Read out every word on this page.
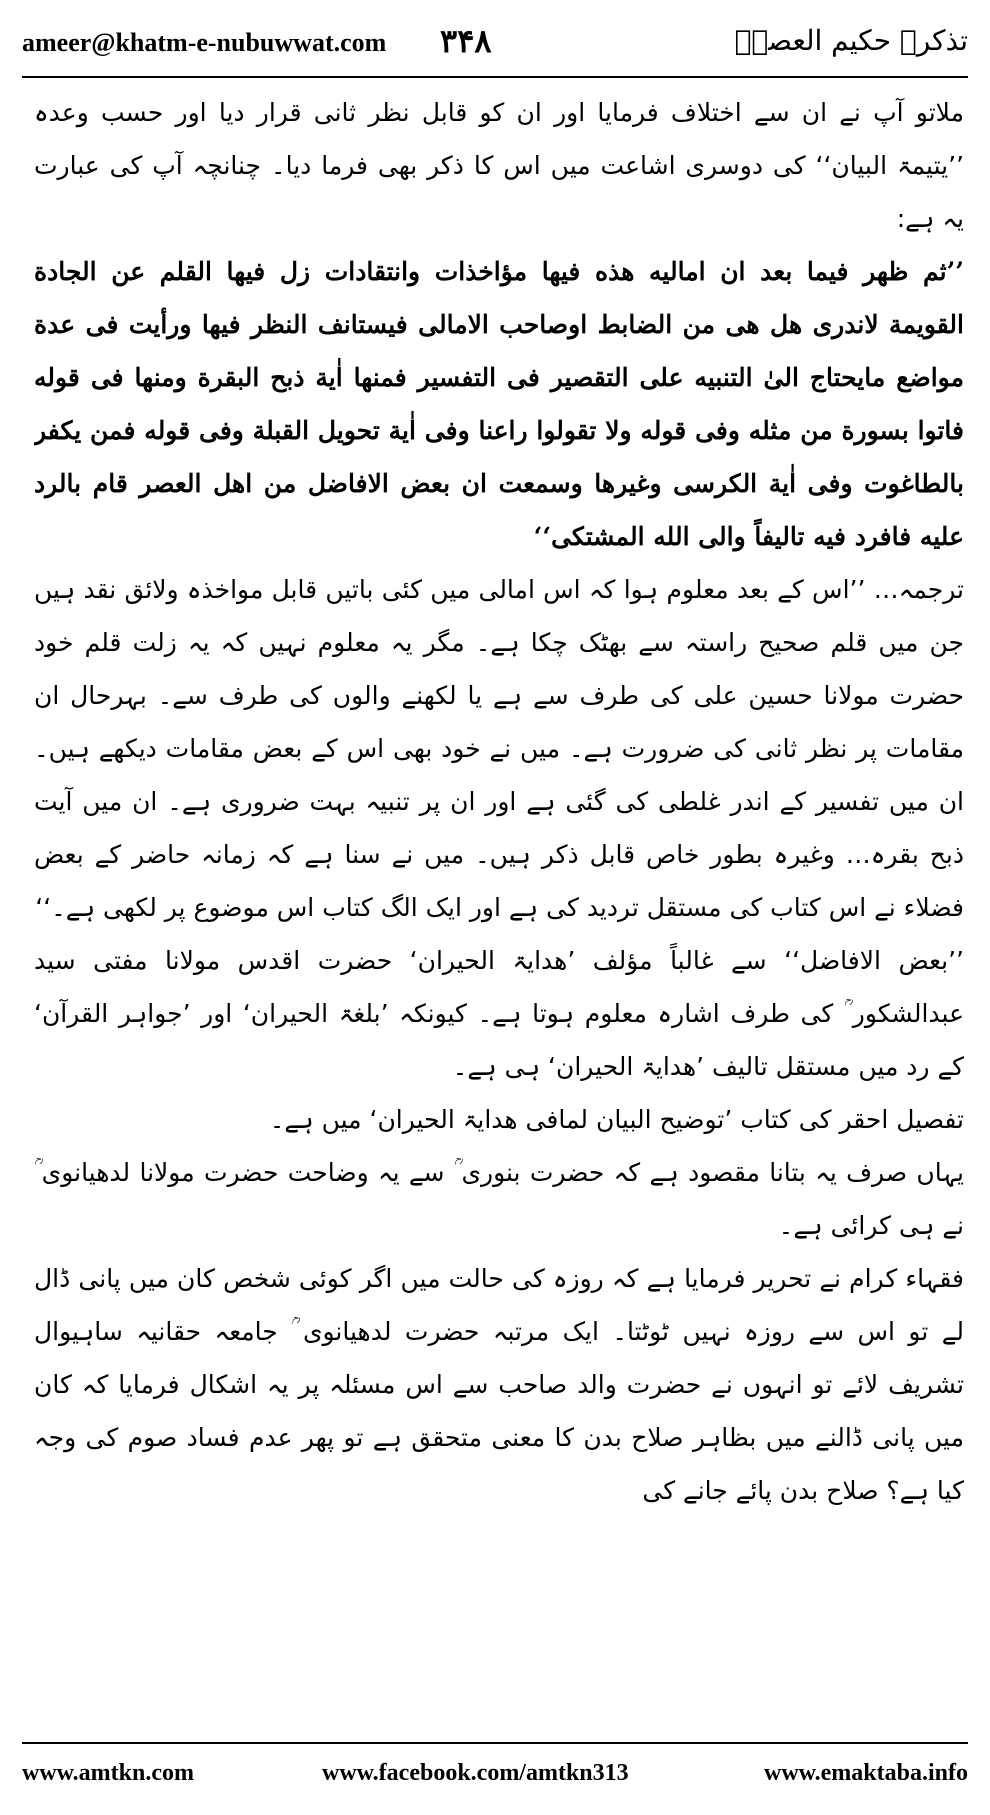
ameer@khatm-e-nubuwwat.com ۳۴۸	تذکرہ حکیم العصرؒ

ملاتو آپ نے ان سے اختلاف فرمایا اور ان کو قابل نظر ثانی قرار دیا اور حسب وعدہ ’’یتیمۃ البیان‘‘ کی دوسری اشاعت میں اس کا ذکر بھی فرما دیا۔ چنانچہ آپ کی عبارت یہ ہے:

’’ثم ظهر فيما بعد ان اماليه هذه فيها مؤاخذات وانتقادات زل فيها القلم عن الجادة القويمة لاندرى هل هى من الضابط اوصاحب الامالى فيستانف النظر فيها ورأيت فى عدة مواضع مايحتاج الىٰ التنبيه على التقصير فى التفسير فمنها اٰية ذبح البقرة ومنها فى قوله فاتوا بسورة من مثله وفى قوله ولا تقولوا راعنا وفى اٰية تحويل القبلة وفى قوله فمن يكفر بالطاغوت وفى اٰية الكرسى وغيرها وسمعت ان بعض الافاضل من اهل العصر قام بالرد عليه فافرد فيه تاليفاً والى الله المشتكى‘‘

ترجمہ… ’’اس کے بعد معلوم ہوا کہ اس امالی میں کئی باتیں قابل مواخذہ ولائق نقد ہیں جن میں قلم صحیح راستہ سے بھٹک چکا ہے۔ مگر یہ معلوم نہیں کہ یہ زلت قلم خود حضرت مولانا حسین علی کی طرف سے ہے یا لکھنے والوں کی طرف سے۔ بہرحال ان مقامات پر نظر ثانی کی ضرورت ہے۔ میں نے خود بھی اس کے بعض مقامات دیکھے ہیں۔ ان میں تفسیر کے اندر غلطی کی گئی ہے اور ان پر تنبیہ بہت ضروری ہے۔ ان میں آیت ذبح بقرہ… وغیرہ بطور خاص قابل ذکر ہیں۔ میں نے سنا ہے کہ زمانہ حاضر کے بعض فضلاء نے اس کتاب کی مستقل تردید کی ہے اور ایک الگ کتاب اس موضوع پر لکھی ہے۔‘‘

’’بعض الافاضل‘‘ سے غالباً مؤلف ’ھدایۃ الحیران‘ حضرت اقدس مولانا مفتی سید عبدالشکور ؒ کی طرف اشارہ معلوم ہوتا ہے۔ کیونکہ ’بلغۃ الحیران‘ اور ’جواہر القرآن‘ کے رد میں مستقل تالیف ’ھدایۃ الحیران‘ ہی ہے۔

تفصیل احقر کی کتاب ’توضیح البیان لمافی ھدایۃ الحیران‘ میں ہے۔

یہاں صرف یہ بتانا مقصود ہے کہ حضرت بنوری ؒ سے یہ وضاحت حضرت مولانا لدھیانوی ؒ نے ہی کرائی ہے۔

فقہاء کرام نے تحریر فرمایا ہے کہ روزہ کی حالت میں اگر کوئی شخص کان میں پانی ڈال لے تو اس سے روزہ نہیں ٹوٹتا۔ ایک مرتبہ حضرت لدھیانوی ؒ جامعہ حقانیہ ساہیوال تشریف لائے تو انہوں نے حضرت والد صاحب سے اس مسئلہ پر یہ اشکال فرمایا کہ کان میں پانی ڈالنے میں بظاہر صلاح بدن کا معنی متحقق ہے تو پھر عدم فساد صوم کی وجہ کیا ہے؟ صلاح بدن پائے جانے کی

www.amtkn.com	www.facebook.com/amtkn313	www.emaktaba.info
